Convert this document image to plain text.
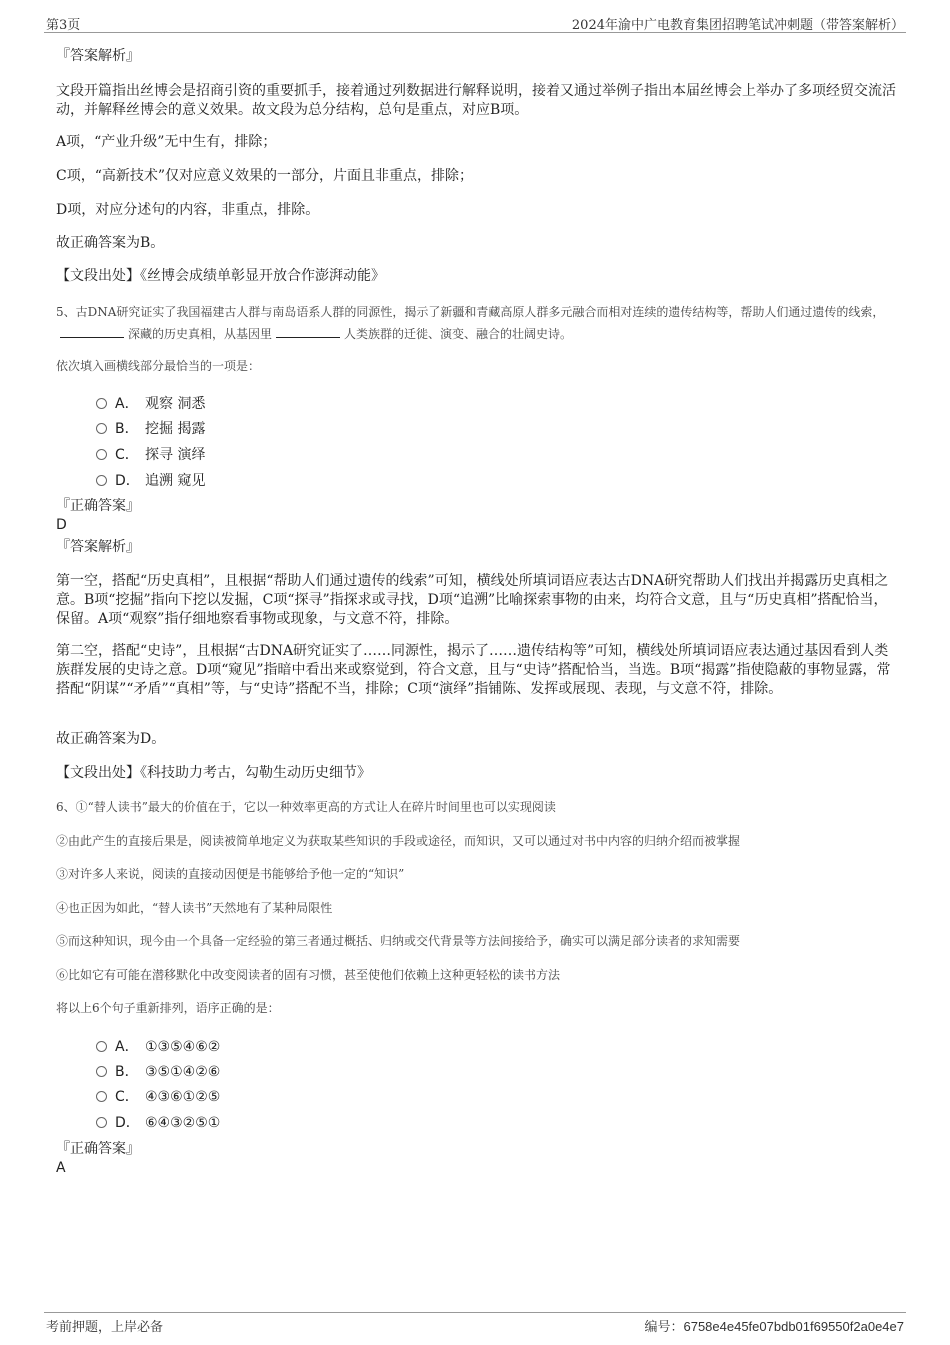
第3页	2024年渝中广电教育集团招聘笔试冲刺题（带答案解析）
『答案解析』
文段开篇指出丝博会是招商引资的重要抓手，接着通过列数据进行解释说明，接着又通过举例子指出本届丝博会上举办了多项经贸交流活动，并解释丝博会的意义效果。故文段为总分结构，总句是重点，对应B项。
A项，“产业升级”无中生有，排除；
C项，“高新技术”仅对应意义效果的一部分，片面且非重点，排除；
D项，对应分述句的内容，非重点，排除。
故正确答案为B。
【文段出处】《丝博会成绩单彰显开放合作澎湃动能》
5、古DNA研究证实了我国福建古人群与南岛语系人群的同源性，揭示了新疆和青藏高原人群多元融合而相对连续的遗传结构等，帮助人们通过遗传的线索，深藏的历史真相，从基因里	人类族群的迁徙、演变、融合的壮阔史诗。
依次填入画横线部分最恰当的一项是：
A． 观察 洞悉
B． 挖掘 揭露
C． 探寻 演绎
D． 追溯 窥见
『正确答案』
D
『答案解析』
第一空，搭配“历史真相”，且根据“帮助人们通过遗传的线索”可知，横线处所填词语应表达古DNA研究帮助人们找出并揭露历史真相之意。B项“挖掘”指向下挖以发掘，C项“探寻”指探求或寻找，D项“追溯”比喻探索事物的由来，均符合文意，且与“历史真相”搭配恰当，保留。A项“观察”指仔细地察看事物或现象，与文意不符，排除。
第二空，搭配“史诗”，且根据“古DNA研究证实了……同源性，揭示了……遗传结构等”可知，横线处所填词语应表达通过基因看到人类族群发展的史诗之意。D项“窥见”指暗中看出来或察觉到，符合文意，且与“史诗”搭配恰当，当选。B项“揭露”指使隐蔽的事物显露，常搭配“阴谋”“矛盾”“真相”等，与“史诗”搭配不当，排除；C项“演绎”指铺陈、发挥或展现、表现，与文意不符，排除。
故正确答案为D。
【文段出处】《科技助力考古，勾勒生动历史细节》
6、①“替人读书”最大的价值在于，它以一种效率更高的方式让人在碎片时间里也可以实现阅读
②由此产生的直接后果是，阅读被简单地定义为获取某些知识的手段或途径，而知识，又可以通过对书中内容的归纳介绍而被掌握
③对许多人来说，阅读的直接动因便是书能够给予他一定的“知识”
④也正因为如此，“替人读书”天然地有了某种局限性
⑤而这种知识，现今由一个具备一定经验的第三者通过概括、归纳或交代背景等方法间接给予，确实可以满足部分读者的求知需要
⑥比如它有可能在潜移默化中改变阅读者的固有习惯，甚至使他们依赖上这种更轻松的读书方法
将以上6个句子重新排列，语序正确的是：
A． ①③⑤④⑥②
B． ③⑤①④②⑥
C． ④③⑥①②⑤
D． ⑥④③②⑤①
『正确答案』
A
考前押题，上岸必备	编号：6758e4e45fe07bdb01f69550f2a0e4e7
